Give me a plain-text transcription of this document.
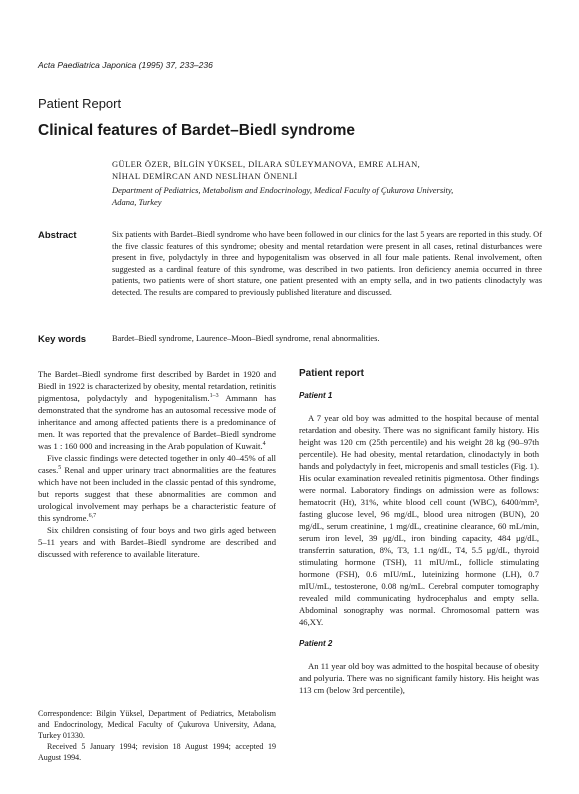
Acta Paediatrica Japonica (1995) 37, 233–236
Patient Report
Clinical features of Bardet–Biedl syndrome
GÜLER ÖZER, BİLGİN YÜKSEL, DİLARA SÜLEYMANOVA, EMRE ALHAN,
NİHAL DEMİRCAN AND NESLİHAN ÖNENLİ
Department of Pediatrics, Metabolism and Endocrinology, Medical Faculty of Çukurova University,
Adana, Turkey
Abstract	Six patients with Bardet–Biedl syndrome who have been followed in our clinics for the last 5 years are reported in this study. Of the five classic features of this syndrome; obesity and mental retardation were present in all cases, retinal disturbances were present in five, polydactyly in three and hypogenitalism was observed in all four male patients. Renal involvement, often suggested as a cardinal feature of this syndrome, was described in two patients. Iron deficiency anemia occurred in three patients, two patients were of short stature, one patient presented with an empty sella, and in two patients clinodactyly was detected. The results are compared to previously published literature and discussed.
Key words	Bardet–Biedl syndrome, Laurence–Moon–Biedl syndrome, renal abnormalities.

The Bardet–Biedl syndrome first described by Bardet in 1920 and Biedl in 1922 is characterized by obesity, mental retardation, retinitis pigmentosa, polydactyly and hypogenitalism.$^{1-3}$ Ammann has demonstrated that the syndrome has an autosomal recessive mode of inheritance and among affected patients there is a predominance of men. It was reported that the prevalence of Bardet–Biedl syndrome was 1 : 160 000 and increasing in the Arab population of Kuwait.$^4$

Five classic findings were detected together in only 40–45% of all cases.$^5$ Renal and upper urinary tract abnormalities are the features which have not been included in the classic pentad of this syndrome, but reports suggest that these abnormalities are common and urological involvement may perhaps be a characteristic feature of this syndrome.$^{6,7}$

Six children consisting of four boys and two girls aged between 5–11 years and with Bardet–Biedl syndrome are described and discussed with reference to available literature.

Correspondence: Bilgin Yüksel, Department of Pediatrics, Metabolism and Endocrinology, Medical Faculty of Çukurova University, Adana, Turkey 01330.

Received 5 January 1994; revision 18 August 1994; accepted 19 August 1994.

Patient report
Patient 1

A 7 year old boy was admitted to the hospital because of mental retardation and obesity. There was no significant family history. His height was 120 cm (25th percentile) and his weight 28 kg (90–97th percentile). He had obesity, mental retardation, clinodactyly in both hands and polydactyly in feet, micropenis and small testicles (Fig. 1). His ocular examination revealed retinitis pigmentosa. Other findings were normal. Laboratory findings on admission were as follows: hematocrit (Ht), 31%, white blood cell count (WBC), 6400/mm³, fasting glucose level, 96 mg/dL, blood urea nitrogen (BUN), 20 mg/dL, serum creatinine, 1 mg/dL, creatinine clearance, 60 mL/min, serum iron level, 39 μg/dL, iron binding capacity, 484 μg/dL, transferrin saturation, 8%, T3, 1.1 ng/dL, T4, 5.5 μg/dL, thyroid stimulating hormone (TSH), 11 mIU/mL, follicle stimulating hormone (FSH), 0.6 mIU/mL, luteinizing hormone (LH), 0.7 mIU/mL, testosterone, 0.08 ng/mL. Cerebral computer tomography revealed mild communicating hydrocephalus and empty sella. Abdominal sonography was normal. Chromosomal pattern was 46,XY.

Patient 2

An 11 year old boy was admitted to the hospital because of obesity and polyuria. There was no significant family history. His height was 113 cm (below 3rd percentile),
